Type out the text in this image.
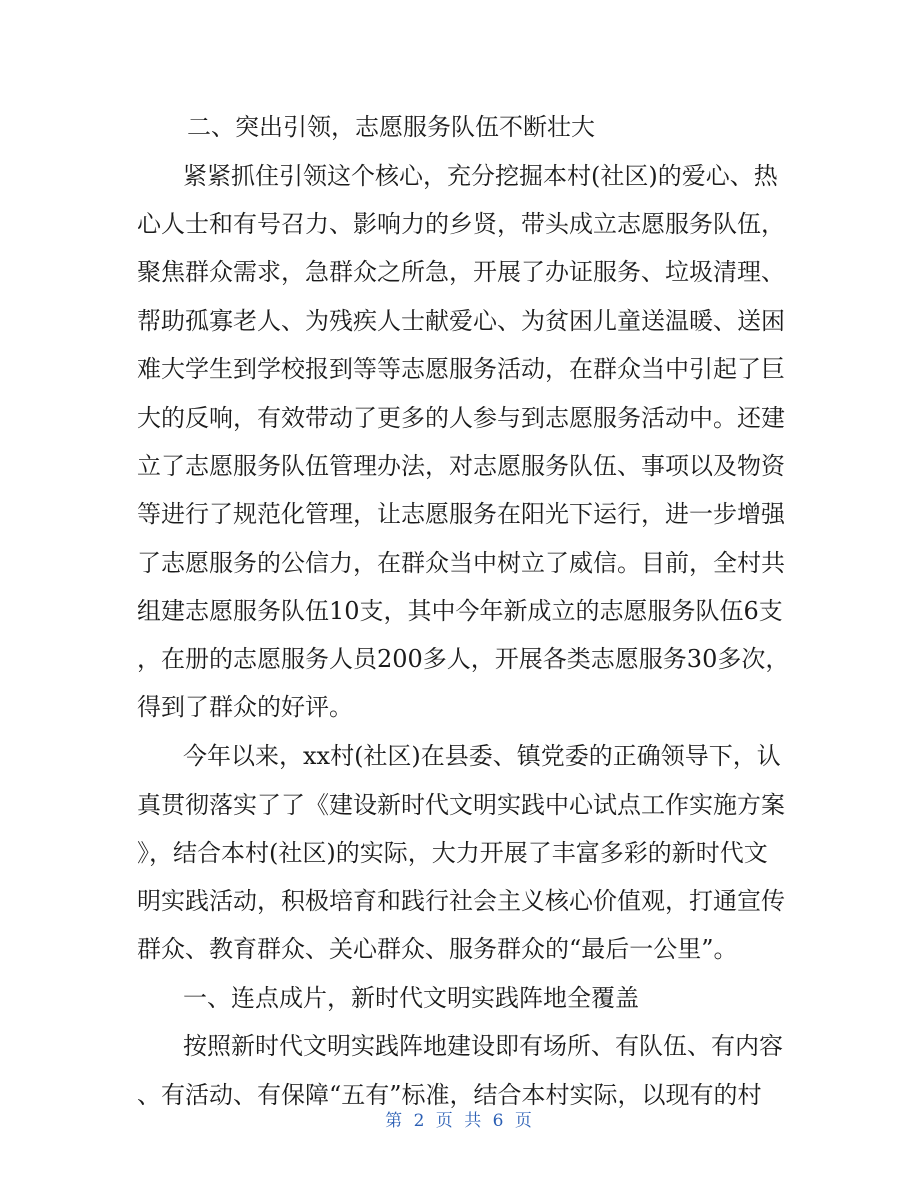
二、突出引领，志愿服务队伍不断壮大
紧紧抓住引领这个核心，充分挖掘本村(社区)的爱心、热
心人士和有号召力、影响力的乡贤，带头成立志愿服务队伍，
聚焦群众需求，急群众之所急，开展了办证服务、垃圾清理、
帮助孤寡老人、为残疾人士献爱心、为贫困儿童送温暖、送困
难大学生到学校报到等等志愿服务活动，在群众当中引起了巨
大的反响，有效带动了更多的人参与到志愿服务活动中。还建
立了志愿服务队伍管理办法，对志愿服务队伍、事项以及物资
等进行了规范化管理，让志愿服务在阳光下运行，进一步增强
了志愿服务的公信力，在群众当中树立了威信。目前，全村共
组建志愿服务队伍10支，其中今年新成立的志愿服务队伍6支
，在册的志愿服务人员200多人，开展各类志愿服务30多次，
得到了群众的好评。
今年以来，xx村(社区)在县委、镇党委的正确领导下，认
真贯彻落实了了《建设新时代文明实践中心试点工作实施方案
》，结合本村(社区)的实际，大力开展了丰富多彩的新时代文
明实践活动，积极培育和践行社会主义核心价值观，打通宣传
群众、教育群众、关心群众、服务群众的“最后一公里”。
一、连点成片，新时代文明实践阵地全覆盖
按照新时代文明实践阵地建设即有场所、有队伍、有内容
、有活动、有保障“五有”标准，结合本村实际，以现有的村
第 2 页 共 6 页
